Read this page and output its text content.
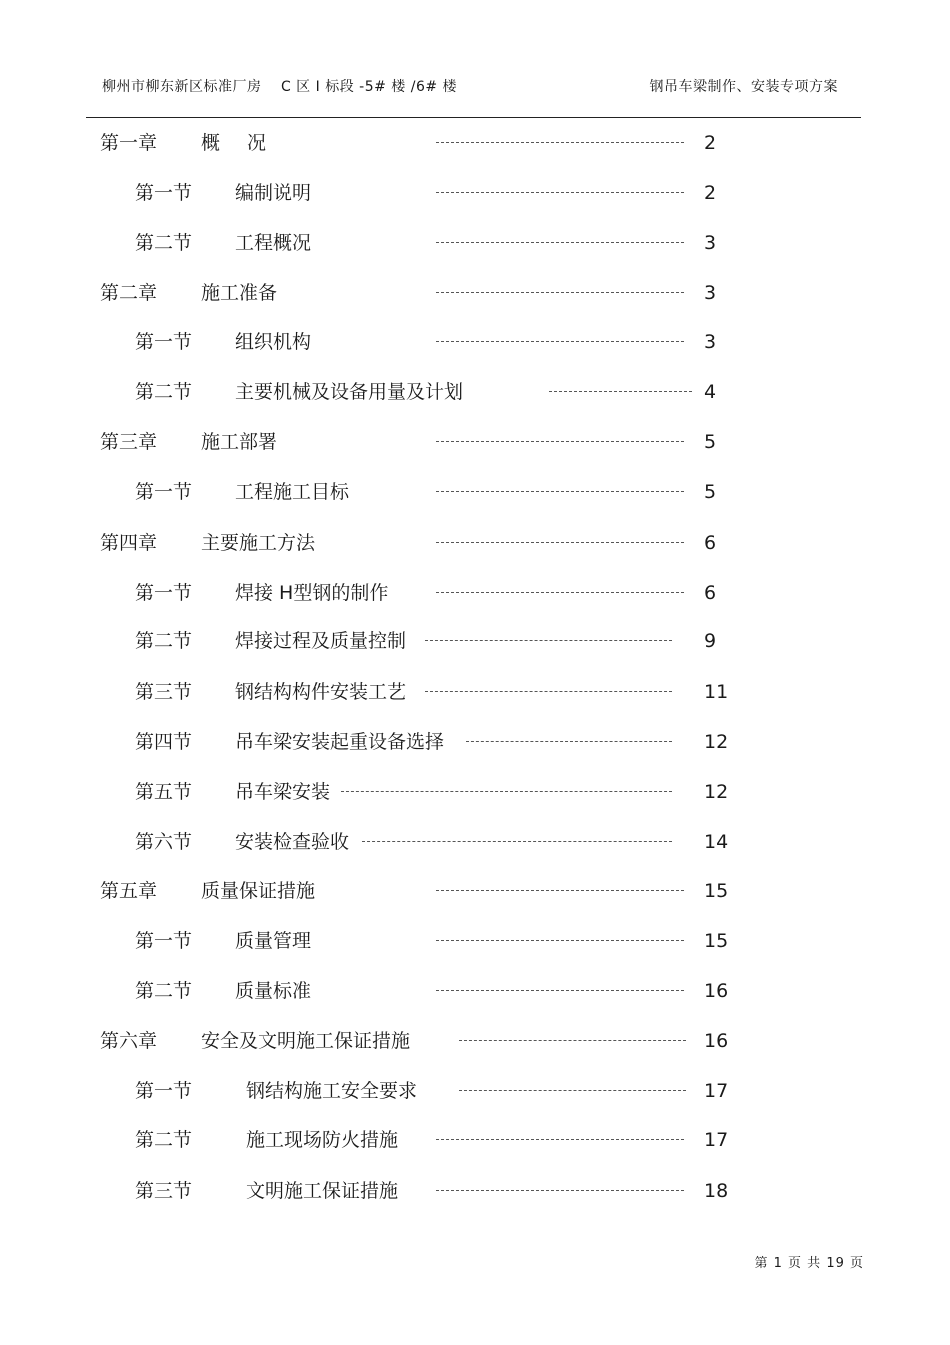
柳州市柳东新区标准厂房　 C 区 I 标段 -5# 楼 /6# 楼	钢吊车梁制作、安装专项方案
第一章 概　况	2
第一节 编制说明	2
第二节 工程概况	3
第二章 施工准备	3
第一节 组织机构	3
第二节 主要机械及设备用量及计划	4
第三章 施工部署	5
第一节 工程施工目标	5
第四章 主要施工方法	6
第一节 焊接 H型钢的制作	6
第二节 焊接过程及质量控制	9
第三节 钢结构构件安装工艺	11
第四节 吊车梁安装起重设备选择	12
第五节 吊车梁安装	12
第六节 安装检查验收	14
第五章 质量保证措施	15
第一节 质量管理	15
第二节 质量标准	16
第六章 安全及文明施工保证措施	16
第一节	钢结构施工安全要求	17
第二节	施工现场防火措施	17
第三节	文明施工保证措施	18
第 1 页 共 19 页
